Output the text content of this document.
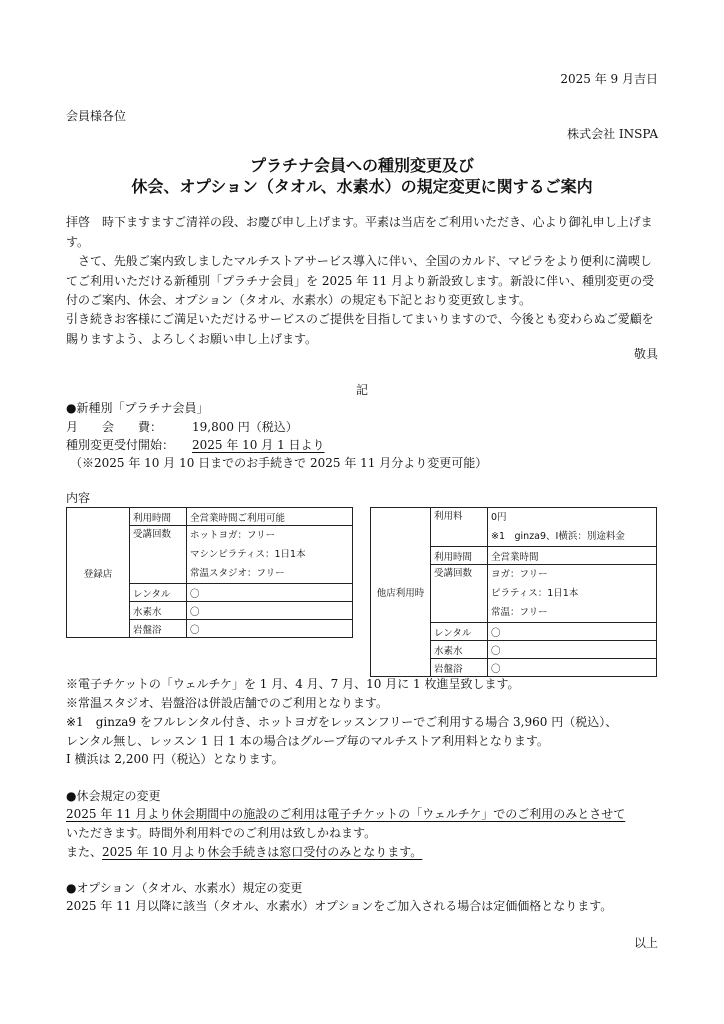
2025 年 9 月吉日
会員様各位
株式会社 INSPA
プラチナ会員への種別変更及び
休会、オプション（タオル、水素水）の規定変更に関するご案内
拝啓　時下ますますご清祥の段、お慶び申し上げます。平素は当店をご利用いただき、心より御礼申し上げます。
　さて、先般ご案内致しましたマルチストアサービス導入に伴い、全国のカルド、マピラをより便利に満喫してご利用いただける新種別「プラチナ会員」を 2025 年 11 月より新設致します。新設に伴い、種別変更の受付のご案内、休会、オプション（タオル、水素水）の規定も下記とおり変更致します。
引き続きお客様にご満足いただけるサービスのご提供を目指してまいりますので、今後とも変わらぬご愛顧を賜りますよう、よろしくお願い申し上げます。
敬具
記
●新種別「プラチナ会員」
月　　会　　費： 19,800 円（税込）
種別変更受付開始： 2025 年 10 月 1 日より
（※2025 年 10 月 10 日までのお手続きで 2025 年 11 月分より変更可能）
内容
登録店	利用時間	全営業時間ご利用可能
	受講回数	ホットヨガ：フリー
マシンピラティス：1日1本
常温スタジオ：フリー

	レンタル	〇
	水素水	〇
	岩盤浴	〇
他店利用時	利用料	0円
※1　ginza9、I横浜：別途料金

	利用時間	全営業時間
	受講回数	ヨガ：フリー
ピラティス：1日1本
常温：フリー

	レンタル	〇
	水素水	〇
	岩盤浴	〇
※電子チケットの「ウェルチケ」を 1 月、4 月、7 月、10 月に 1 枚進呈致します。
※常温スタジオ、岩盤浴は併設店舗でのご利用となります。
※1　ginza9 をフルレンタル付き、ホットヨガをレッスンフリーでご利用する場合 3,960 円（税込）、
レンタル無し、レッスン 1 日 1 本の場合はグループ毎のマルチストア利用料となります。
I 横浜は 2,200 円（税込）となります。
●休会規定の変更
2025 年 11 月より休会期間中の施設のご利用は電子チケットの「ウェルチケ」でのご利用のみとさせて
いただきます。時間外利用料でのご利用は致しかねます。
また、2025 年 10 月より休会手続きは窓口受付のみとなります。
●オプション（タオル、水素水）規定の変更
2025 年 11 月以降に該当（タオル、水素水）オプションをご加入される場合は定価価格となります。
以上
